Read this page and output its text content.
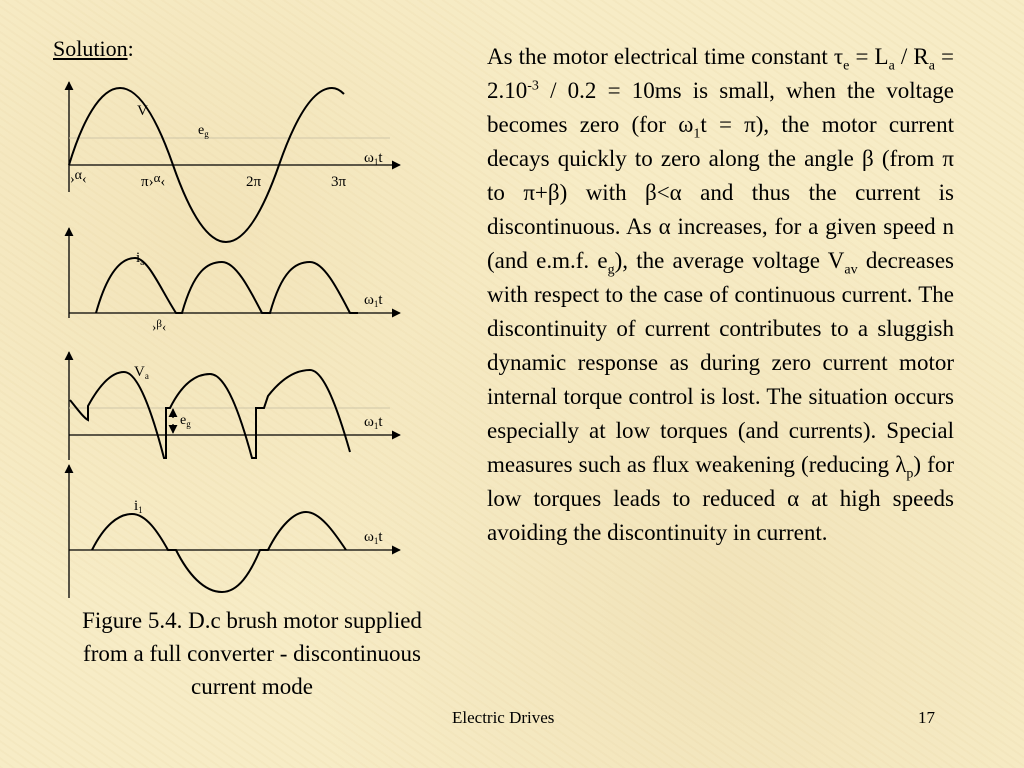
Solution:
V
$e_g$
$\omega_1t$
›α‹	π›α‹	2π	3π
$i_a$
$\omega_1t$
›$^\beta$‹
$V_a$
$e_g$	$\omega_1t$
$i_1$
$\omega_1t$
Figure 5.4. D.c brush motor supplied
from a full converter - discontinuous
current mode
As the motor electrical time constant $\tau_e = L_a / R_a = 2.10^{-3} / 0.2 = 10ms$ is small, when the voltage becomes zero (for $\omega_1t = \pi$), the motor current decays quickly to zero along the angle β (from π to π+β) with β<α and thus the current is discontinuous. As α increases, for a given speed n (and e.m.f. $e_g$), the average voltage $V_{av}$ decreases with respect to the case of continuous current. The discontinuity of current contributes to a sluggish dynamic response as during zero current motor internal torque control is lost. The situation occurs especially at low torques (and currents). Special measures such as flux weakening (reducing $\lambda_p$) for low torques leads to reduced α at high speeds avoiding the discontinuity in current.
Electric Drives	17
